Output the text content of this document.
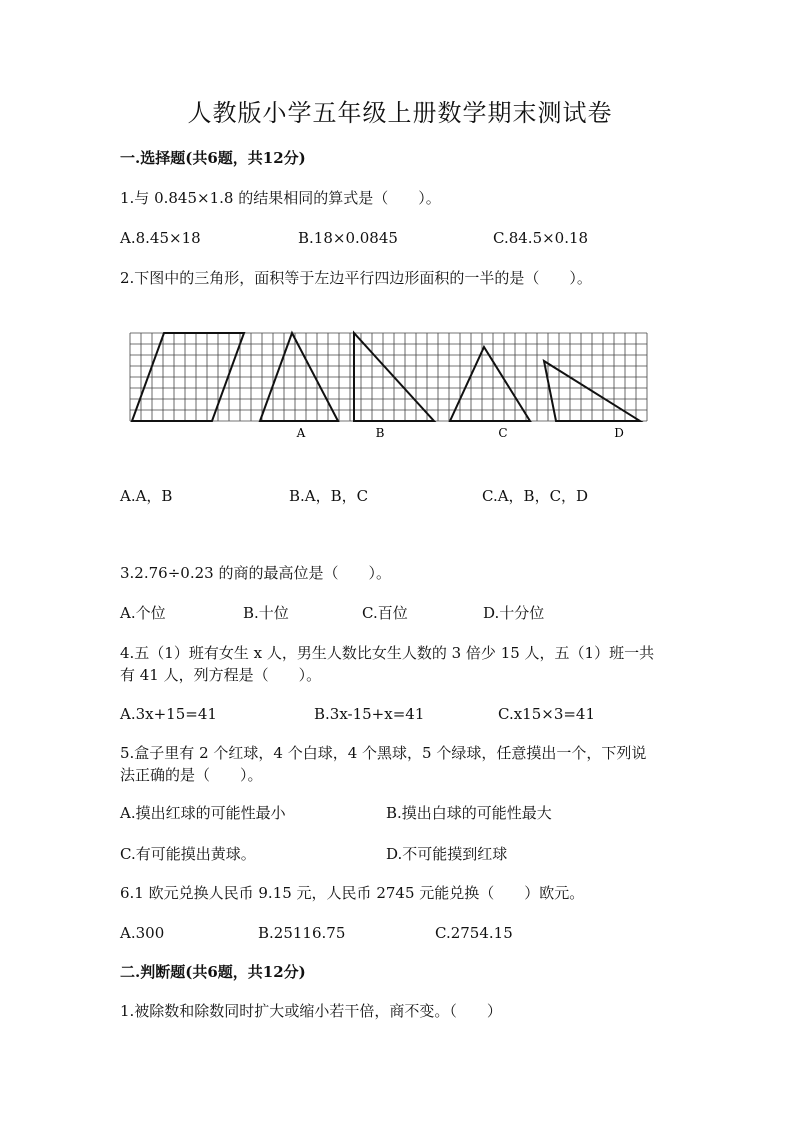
人教版小学五年级上册数学期末测试卷
一.选择题(共6题，共12分)
1.与 0.845×1.8 的结果相同的算式是（　　）。
A.8.45×18	B.18×0.0845	C.84.5×0.18
2.下图中的三角形，面积等于左边平行四边形面积的一半的是（　　）。
A	B	C	D
A.A，B	B.A，B，C	C.A，B，C，D
3.2.76÷0.23 的商的最高位是（　　）。
A.个位	B.十位	C.百位	D.十分位
4.五（1）班有女生 x 人，男生人数比女生人数的 3 倍少 15 人，五（1）班一共
有 41 人，列方程是（　　）。
A.3x+15=41	B.3x-15+x=41	C.x15×3=41
5.盒子里有 2 个红球，4 个白球，4 个黑球，5 个绿球，任意摸出一个，下列说
法正确的是（　　）。
A.摸出红球的可能性最小	B.摸出白球的可能性最大
C.有可能摸出黄球。	D.不可能摸到红球
6.1 欧元兑换人民币 9.15 元，人民币 2745 元能兑换（　　）欧元。
A.300	B.25116.75	C.2754.15
二.判断题(共6题，共12分)
1.被除数和除数同时扩大或缩小若干倍，商不变。（　　）
